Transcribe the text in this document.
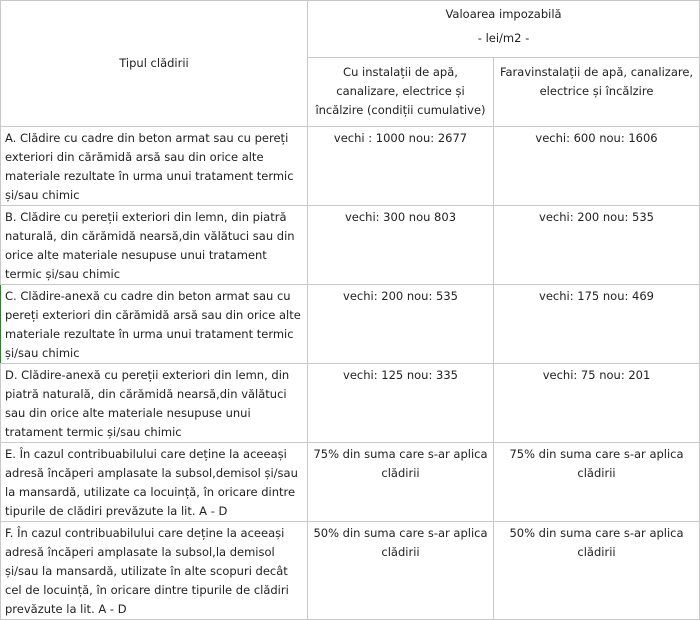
Tipul clădirii	Valoarea impozabilă
- lei/m2 -	

	Cu instalații de apă, canalizare, electrice și încălzire (condiții cumulative)	Faravinstalații de apă, canalizare, electrice și încălzire

A. Clădire cu cadre din beton armat sau cu pereți exteriori din cărămidă arsă sau din orice alte materiale rezultate în urma unui tratament termic și/sau chimic	vechi : 1000 nou: 2677	vechi: 600 nou: 1606
B. Clădire cu pereții exteriori din lemn, din piatră naturală, din cărămidă nearsă,din vălătuci sau din orice alte materiale nesupuse unui tratament termic și/sau chimic	vechi: 300 nou 803	vechi: 200 nou: 535
C. Clădire-anexă cu cadre din beton armat sau cu pereți exteriori din cărămidă arsă sau din orice alte materiale rezultate în urma unui tratament termic și/sau chimic	vechi: 200 nou: 535	vechi: 175 nou: 469
D. Clădire-anexă cu pereții exteriori din lemn, din piatră naturală, din cărămidă nearsă,din vălătuci sau din orice alte materiale nesupuse unui tratament termic și/sau chimic	vechi: 125 nou: 335	vechi: 75 nou: 201
E. În cazul contribuabilului care deține la aceeași adresă încăperi amplasate la subsol,demisol și/sau la mansardă, utilizate ca locuință, în oricare dintre tipurile de clădiri prevăzute la lit. A - D	75% din suma care s-ar aplica clădirii	75% din suma care s-ar aplica clădirii
F. În cazul contribuabilului care deține la aceeași adresă încăperi amplasate la subsol,la demisol și/sau la mansardă, utilizate în alte scopuri decât cel de locuință, în oricare dintre tipurile de clădiri prevăzute la lit. A - D	50% din suma care s-ar aplica clădirii	50% din suma care s-ar aplica clădirii
